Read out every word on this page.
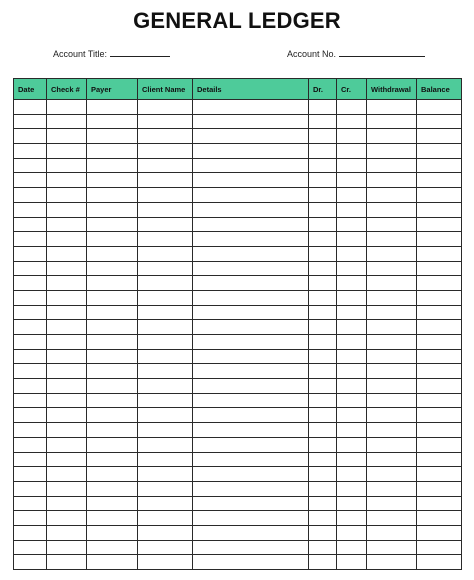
GENERAL LEDGER
Account Title:	Account No.
Date	Check #	Payer	Client Name	Details	Dr.	Cr.	Withdrawal	Balance
